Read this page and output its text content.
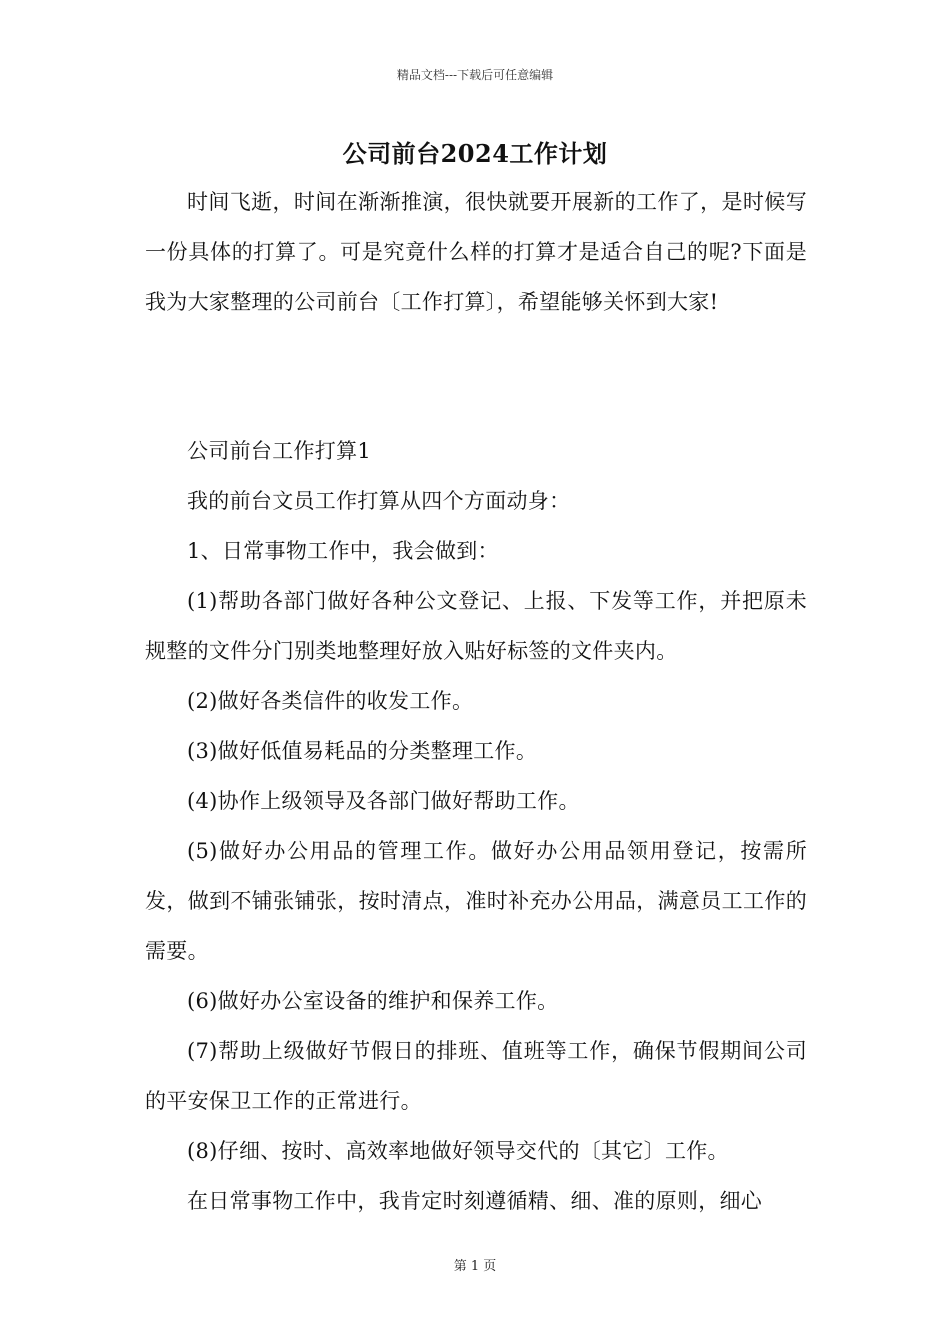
精品文档---下载后可任意编辑
公司前台2024工作计划

时间飞逝，时间在渐渐推演，很快就要开展新的工作了，是时候写一份具体的打算了。可是究竟什么样的打算才是适合自己的呢?下面是我为大家整理的公司前台〔工作打算〕，希望能够关怀到大家!

公司前台工作打算1

我的前台文员工作打算从四个方面动身：

1、日常事物工作中，我会做到：

(1)帮助各部门做好各种公文登记、上报、下发等工作，并把原未规整的文件分门别类地整理好放入贴好标签的文件夹内。

(2)做好各类信件的收发工作。

(3)做好低值易耗品的分类整理工作。

(4)协作上级领导及各部门做好帮助工作。

(5)做好办公用品的管理工作。做好办公用品领用登记，按需所发，做到不铺张铺张，按时清点，准时补充办公用品，满意员工工作的需要。

(6)做好办公室设备的维护和保养工作。

(7)帮助上级做好节假日的排班、值班等工作，确保节假期间公司的平安保卫工作的正常进行。

(8)仔细、按时、高效率地做好领导交代的〔其它〕工作。

在日常事物工作中，我肯定时刻遵循精、细、准的原则，细心

第 1 页
